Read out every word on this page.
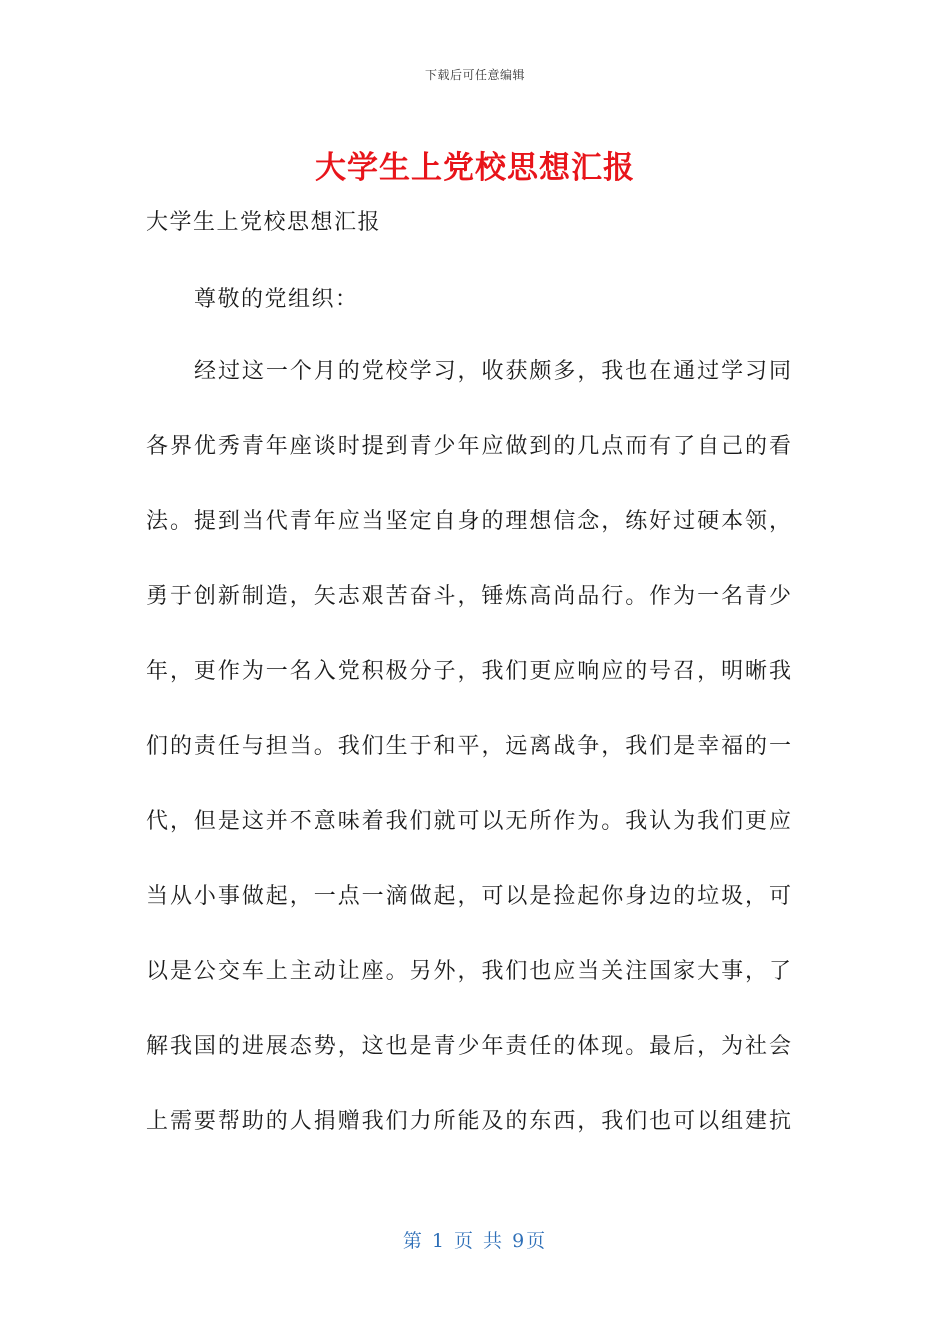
下载后可任意编辑
大学生上党校思想汇报
大学生上党校思想汇报
尊敬的党组织：
经过这一个月的党校学习，收获颇多，我也在通过学习同
各界优秀青年座谈时提到青少年应做到的几点而有了自己的看
法。提到当代青年应当坚定自身的理想信念，练好过硬本领，
勇于创新制造，矢志艰苦奋斗，锤炼高尚品行。作为一名青少
年，更作为一名入党积极分子，我们更应响应的号召，明晰我
们的责任与担当。我们生于和平，远离战争，我们是幸福的一
代，但是这并不意味着我们就可以无所作为。我认为我们更应
当从小事做起，一点一滴做起，可以是捡起你身边的垃圾，可
以是公交车上主动让座。另外，我们也应当关注国家大事，了
解我国的进展态势，这也是青少年责任的体现。最后，为社会
上需要帮助的人捐赠我们力所能及的东西，我们也可以组建抗
第 1 页 共 9页
